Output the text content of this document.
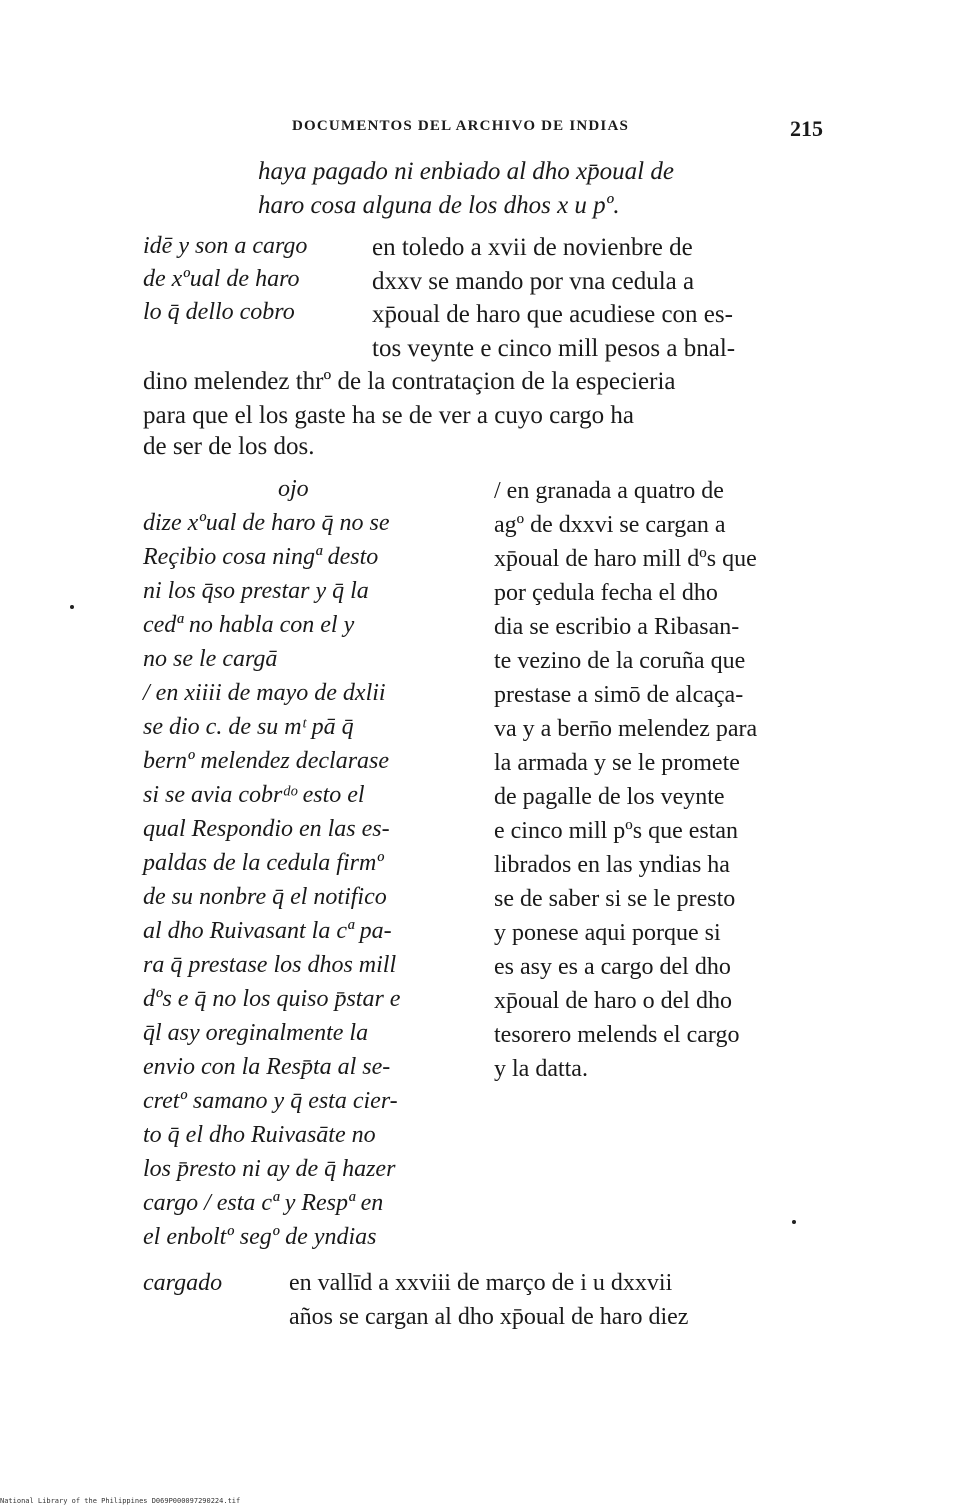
DOCUMENTOS DEL ARCHIVO DE INDIAS	215
haya pagado ni enbiado al dho xp̄oual de
haro cosa alguna de los dhos x u pº.
idē y son a cargo
de xºual de haro
lo q̄ dello cobro
en toledo a xvii de novienbre de
dxxv se mando por vna cedula a
xp̄oual de haro que acudiese con es-
tos veynte e cinco mill pesos a bnal-
dino melendez thrº de la contrataçion de la especieria
para que el los gaste ha se de ver a cuyo cargo ha
de ser de los dos.
ojo
dize xºual de haro q̄ no se
Reçibio cosa ningª desto
ni los q̄so prestar y q̄ la
cedª no habla con el y
no se le cargā
/ en xiiii de mayo de dxlii
se dio c. de su mᵗ pā q̄
bernº melendez declarase
si se avia cobrᵈᵒ esto el
qual Respondio en las es-
paldas de la cedula firmº
de su nonbre q̄ el notifico
al dho Ruivasant la cª pa-
ra q̄ prestase los dhos mill
dºs e q̄ no los quiso p̄star e
q̄l asy oreginalmente la
envio con la Resp̄ta al se-
cretº samano y q̄ esta cier-
to q̄ el dho Ruivasāte no
los p̄resto ni ay de q̄ hazer
cargo / esta cª y Respª en
el enboltº segº de yndias
/ en granada a quatro de
agº de dxxvi se cargan a
xp̄oual de haro mill dºs que
por çedula fecha el dho
dia se escribio a Ribasan-
te vezino de la coruña que
prestase a simō de alcaça-
va y a bern̄o melendez para
la armada y se le promete
de pagalle de los veynte
e cinco mill pºs que estan
librados en las yndias ha
se de saber si se le presto
y ponese aqui porque si
es asy es a cargo del dho
xp̄oual de haro o del dho
tesorero melends el cargo
y la datta.
cargado	en vallīd a xxviii de março de i u dxxvii
años se cargan al dho xp̄oual de haro diez
National Library of the Philippines D069P000097290224.tif
